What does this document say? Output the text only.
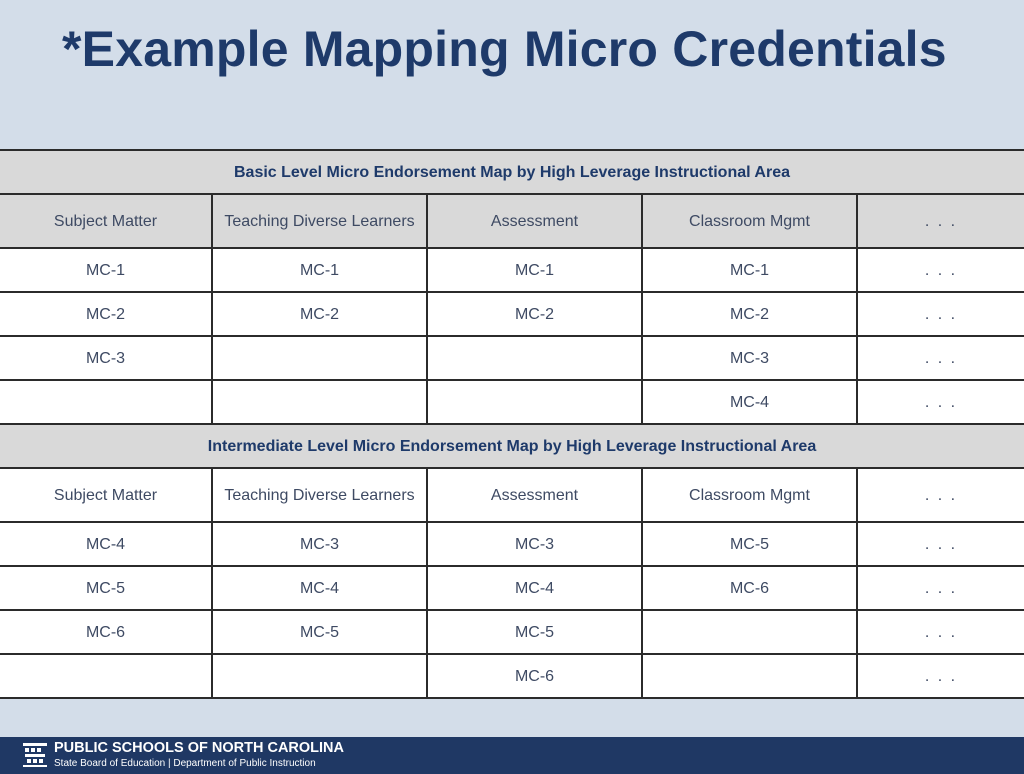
*Example Mapping Micro Credentials
Basic Level Micro Endorsement Map by High Leverage Instructional Area				
Subject Matter	Teaching Diverse Learners	Assessment	Classroom Mgmt	. . .
MC-1	MC-1	MC-1	MC-1	. . .
MC-2	MC-2	MC-2	MC-2	. . .
MC-3			MC-3	. . .
			MC-4	. . .
Intermediate Level Micro Endorsement Map by High Leverage Instructional Area				
Subject Matter	Teaching Diverse Learners	Assessment	Classroom Mgmt	. . .
MC-4	MC-3	MC-3	MC-5	. . .
MC-5	MC-4	MC-4	MC-6	. . .
MC-6	MC-5	MC-5		. . .
		MC-6		. . .
PUBLIC SCHOOLS OF NORTH CAROLINA
State Board of Education | Department of Public Instruction
